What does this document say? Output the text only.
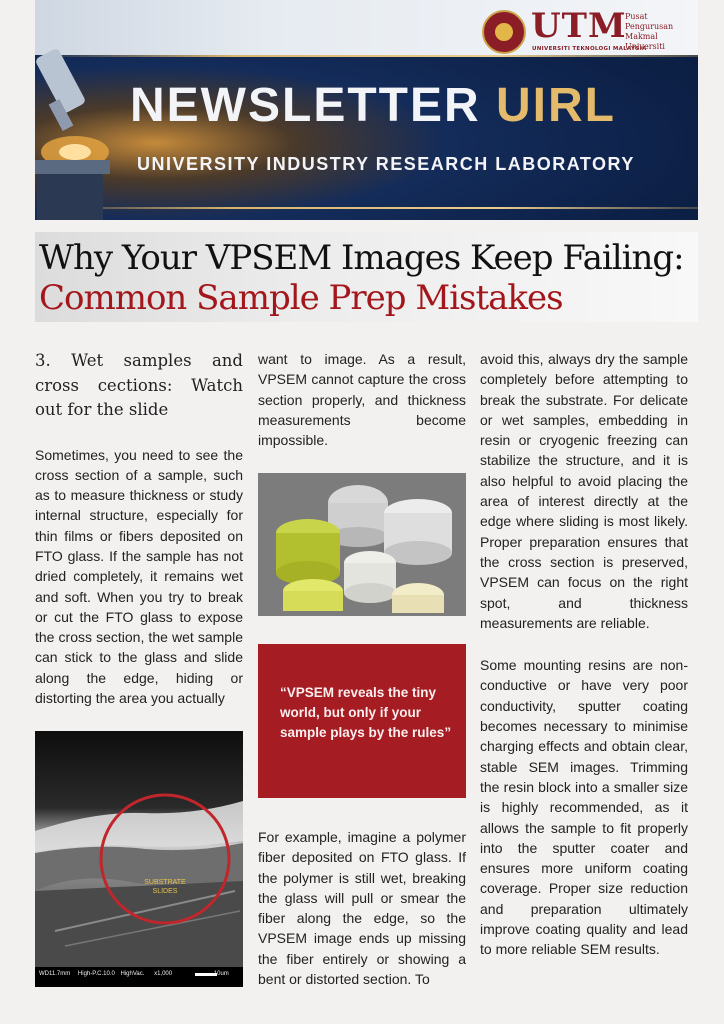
UTM
UNIVERSITI TEKNOLOGI MALAYSIA
Pusat Pengurusan
Makmal Universiti
NEWSLETTER UIRL
UNIVERSITY INDUSTRY RESEARCH LABORATORY
Why Your VPSEM Images Keep Failing:
Common Sample Prep Mistakes

3. Wet samples and cross cections: Watch out for the slide

Sometimes, you need to see the cross section of a sample, such as to measure thickness or study internal structure, especially for thin films or fibers deposited on FTO glass. If the sample has not dried completely, it remains wet and soft. When you try to break or cut the FTO glass to expose the cross section, the wet sample can stick to the glass and slide along the edge, hiding or distorting the area you actually

SUBSTRATE
SLIDES
WD11.7mm High-P.C.10.0 HighVac. x1,000	10um

want to image. As a result, VPSEM cannot capture the cross section properly, and thickness measurements become impossible.

“VPSEM reveals the tiny world, but only if your sample plays by the rules”

For example, imagine a polymer fiber deposited on FTO glass. If the polymer is still wet, breaking the glass will pull or smear the fiber along the edge, so the VPSEM image ends up missing the fiber entirely or showing a bent or distorted section. To

avoid this, always dry the sample completely before attempting to break the substrate. For delicate or wet samples, embedding in resin or cryogenic freezing can stabilize the structure, and it is also helpful to avoid placing the area of interest directly at the edge where sliding is most likely. Proper preparation ensures that the cross section is preserved, VPSEM can focus on the right spot, and thickness measurements are reliable.

Some mounting resins are non-conductive or have very poor conductivity, sputter coating becomes necessary to minimise charging effects and obtain clear, stable SEM images. Trimming the resin block into a smaller size is highly recommended, as it allows the sample to fit properly into the sputter coater and ensures more uniform coating coverage. Proper size reduction and preparation ultimately improve coating quality and lead to more reliable SEM results.
